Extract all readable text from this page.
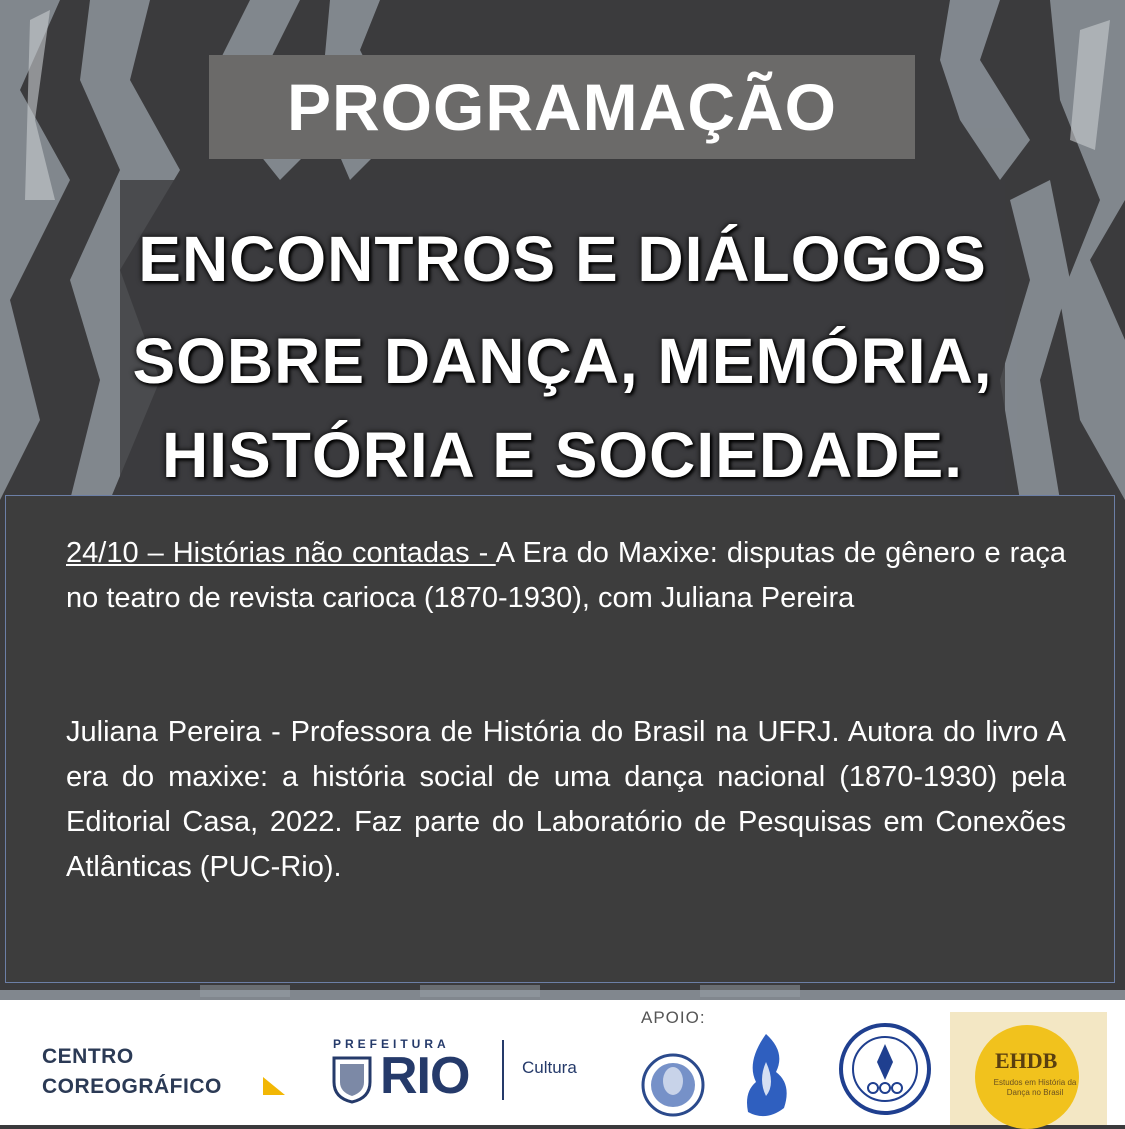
PROGRAMAÇÃO
ENCONTROS E DIÁLOGOS
SOBRE DANÇA, MEMÓRIA,
HISTÓRIA E SOCIEDADE.
24/10 – Histórias não contadas - A Era do Maxixe: disputas de gênero e raça no teatro de revista carioca (1870-1930), com Juliana Pereira
Juliana Pereira - Professora de História do Brasil na UFRJ. Autora do livro A era do maxixe: a história social de uma dança nacional (1870-1930) pela Editorial Casa, 2022. Faz parte do Laboratório de Pesquisas em Conexões Atlânticas (PUC-Rio).
CENTRO
COREOGRÁFICO
PREFEITURA
RIO	Cultura
APOIO:
EHDB
Estudos em História da Dança no Brasil
